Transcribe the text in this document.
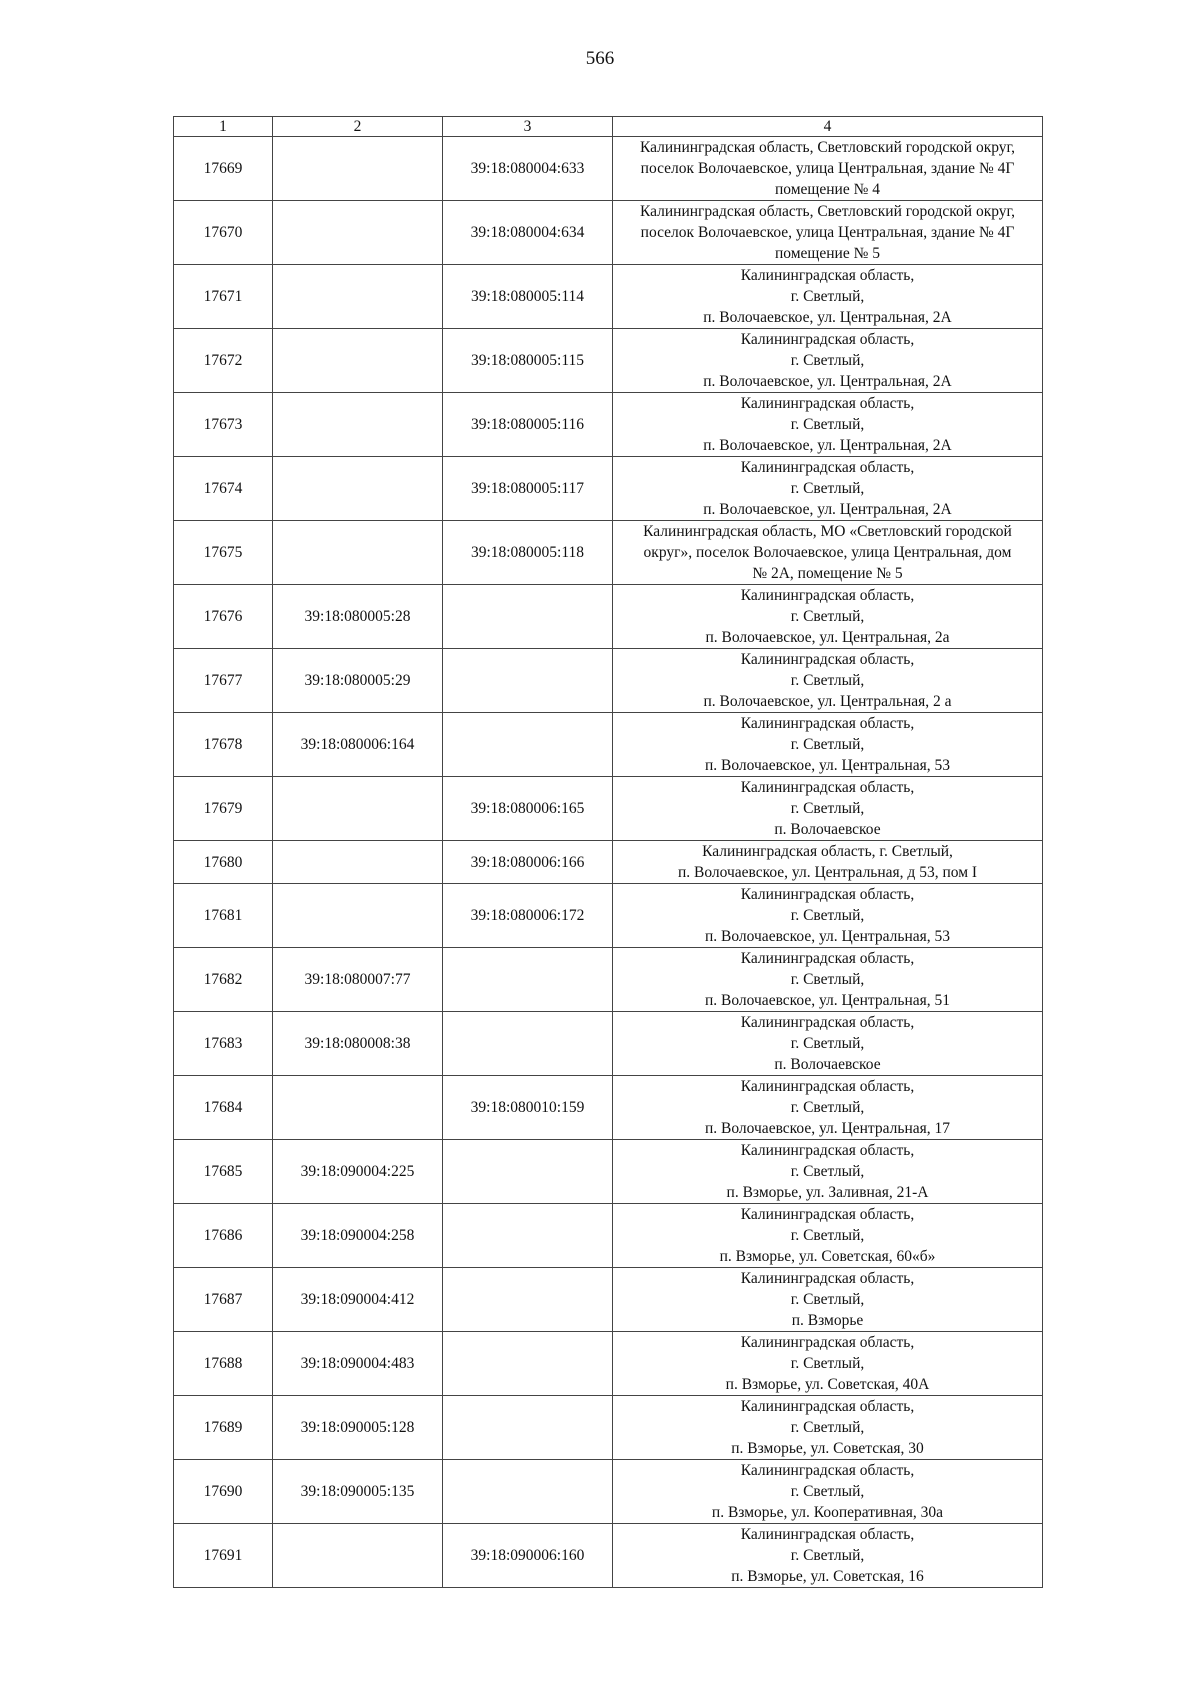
566
1	2	3	4
17669		39:18:080004:633	Калининградская область, Светловский городской округ,
поселок Волочаевское, улица Центральная, здание № 4Г
помещение № 4

17670		39:18:080004:634	Калининградская область, Светловский городской округ,
поселок Волочаевское, улица Центральная, здание № 4Г
помещение № 5

17671		39:18:080005:114	Калининградская область,
г. Светлый,
п. Волочаевское, ул. Центральная, 2А

17672		39:18:080005:115	Калининградская область,
г. Светлый,
п. Волочаевское, ул. Центральная, 2А

17673		39:18:080005:116	Калининградская область,
г. Светлый,
п. Волочаевское, ул. Центральная, 2А

17674		39:18:080005:117	Калининградская область,
г. Светлый,
п. Волочаевское, ул. Центральная, 2А

17675		39:18:080005:118	Калининградская область, МО «Светловский городской
округ», поселок Волочаевское, улица Центральная, дом
№ 2А, помещение № 5

17676	39:18:080005:28		Калининградская область,
г. Светлый,
п. Волочаевское, ул. Центральная, 2а

17677	39:18:080005:29		Калининградская область,
г. Светлый,
п. Волочаевское, ул. Центральная, 2 а

17678	39:18:080006:164		Калининградская область,
г. Светлый,
п. Волочаевское, ул. Центральная, 53

17679		39:18:080006:165	Калининградская область,
г. Светлый,
п. Волочаевское

17680		39:18:080006:166	Калининградская область, г. Светлый,
п. Волочаевское, ул. Центральная, д 53, пом I

17681		39:18:080006:172	Калининградская область,
г. Светлый,
п. Волочаевское, ул. Центральная, 53

17682	39:18:080007:77		Калининградская область,
г. Светлый,
п. Волочаевское, ул. Центральная, 51

17683	39:18:080008:38		Калининградская область,
г. Светлый,
п. Волочаевское

17684		39:18:080010:159	Калининградская область,
г. Светлый,
п. Волочаевское, ул. Центральная, 17

17685	39:18:090004:225		Калининградская область,
г. Светлый,
п. Взморье, ул. Заливная, 21-А

17686	39:18:090004:258		Калининградская область,
г. Светлый,
п. Взморье, ул. Советская, 60«б»

17687	39:18:090004:412		Калининградская область,
г. Светлый,
п. Взморье

17688	39:18:090004:483		Калининградская область,
г. Светлый,
п. Взморье, ул. Советская, 40А

17689	39:18:090005:128		Калининградская область,
г. Светлый,
п. Взморье, ул. Советская, 30

17690	39:18:090005:135		Калининградская область,
г. Светлый,
п. Взморье, ул. Кооперативная, 30а

17691		39:18:090006:160	Калининградская область,
г. Светлый,
п. Взморье, ул. Советская, 16
